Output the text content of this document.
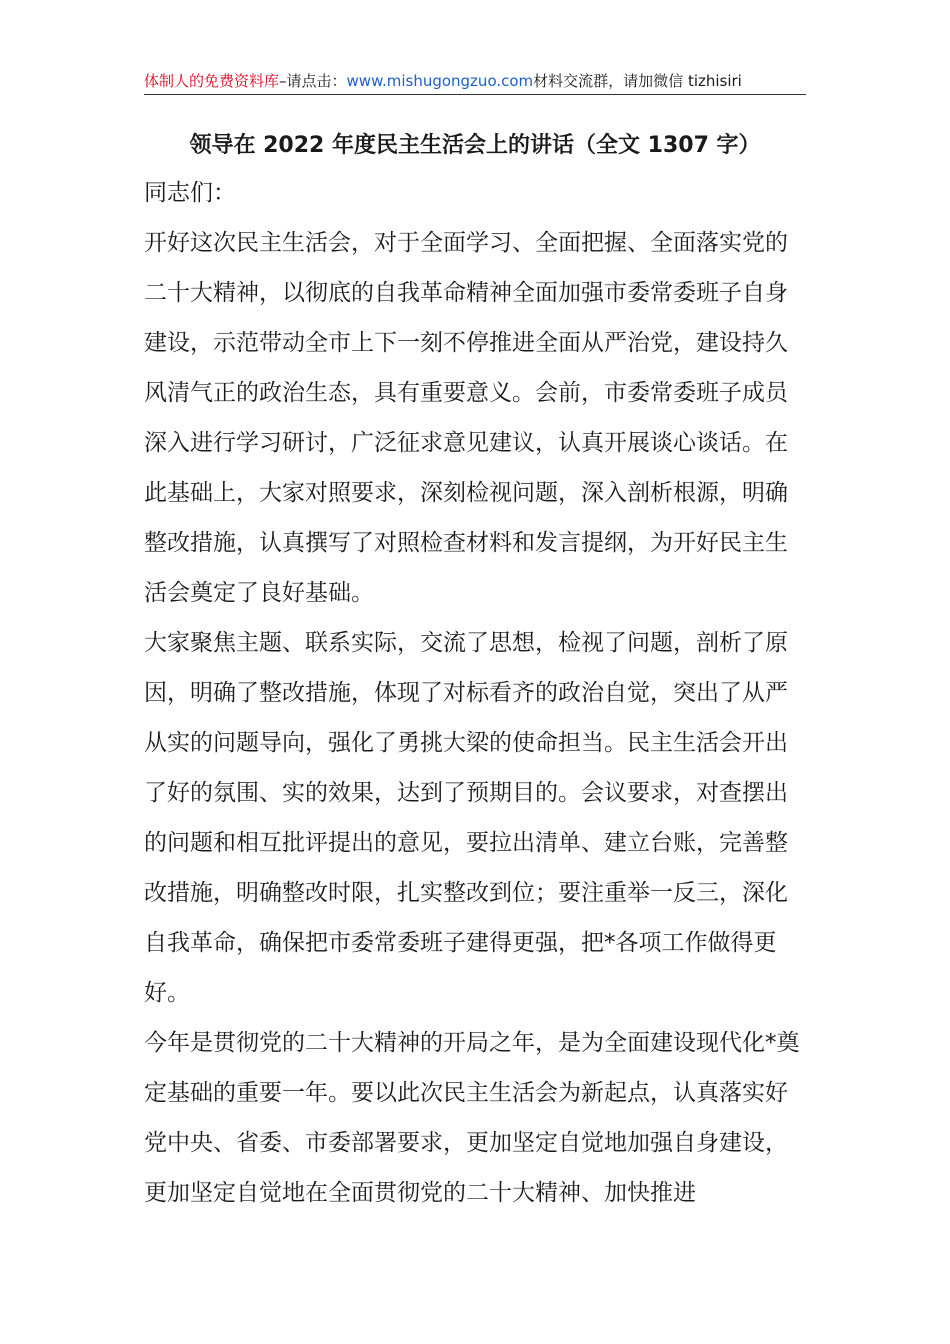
体制人的免费资料库–请点击：www.mishugongzuo.com材料交流群，请加微信 tizhisiri
领导在 2022 年度民主生活会上的讲话（全文 1307 字）

同志们：

开好这次民主生活会，对于全面学习、全面把握、全面落实党的二十大精神，以彻底的自我革命精神全面加强市委常委班子自身建设，示范带动全市上下一刻不停推进全面从严治党，建设持久风清气正的政治生态，具有重要意义。会前，市委常委班子成员深入进行学习研讨，广泛征求意见建议，认真开展谈心谈话。在此基础上，大家对照要求，深刻检视问题，深入剖析根源，明确整改措施，认真撰写了对照检查材料和发言提纲，为开好民主生活会奠定了良好基础。

大家聚焦主题、联系实际，交流了思想，检视了问题，剖析了原因，明确了整改措施，体现了对标看齐的政治自觉，突出了从严从实的问题导向，强化了勇挑大梁的使命担当。民主生活会开出了好的氛围、实的效果，达到了预期目的。会议要求，对查摆出的问题和相互批评提出的意见，要拉出清单、建立台账，完善整改措施，明确整改时限，扎实整改到位；要注重举一反三，深化自我革命，确保把市委常委班子建得更强，把*各项工作做得更好。

今年是贯彻党的二十大精神的开局之年，是为全面建设现代化*奠定基础的重要一年。要以此次民主生活会为新起点，认真落实好党中央、省委、市委部署要求，更加坚定自觉地加强自身建设，更加坚定自觉地在全面贯彻党的二十大精神、加快推进
